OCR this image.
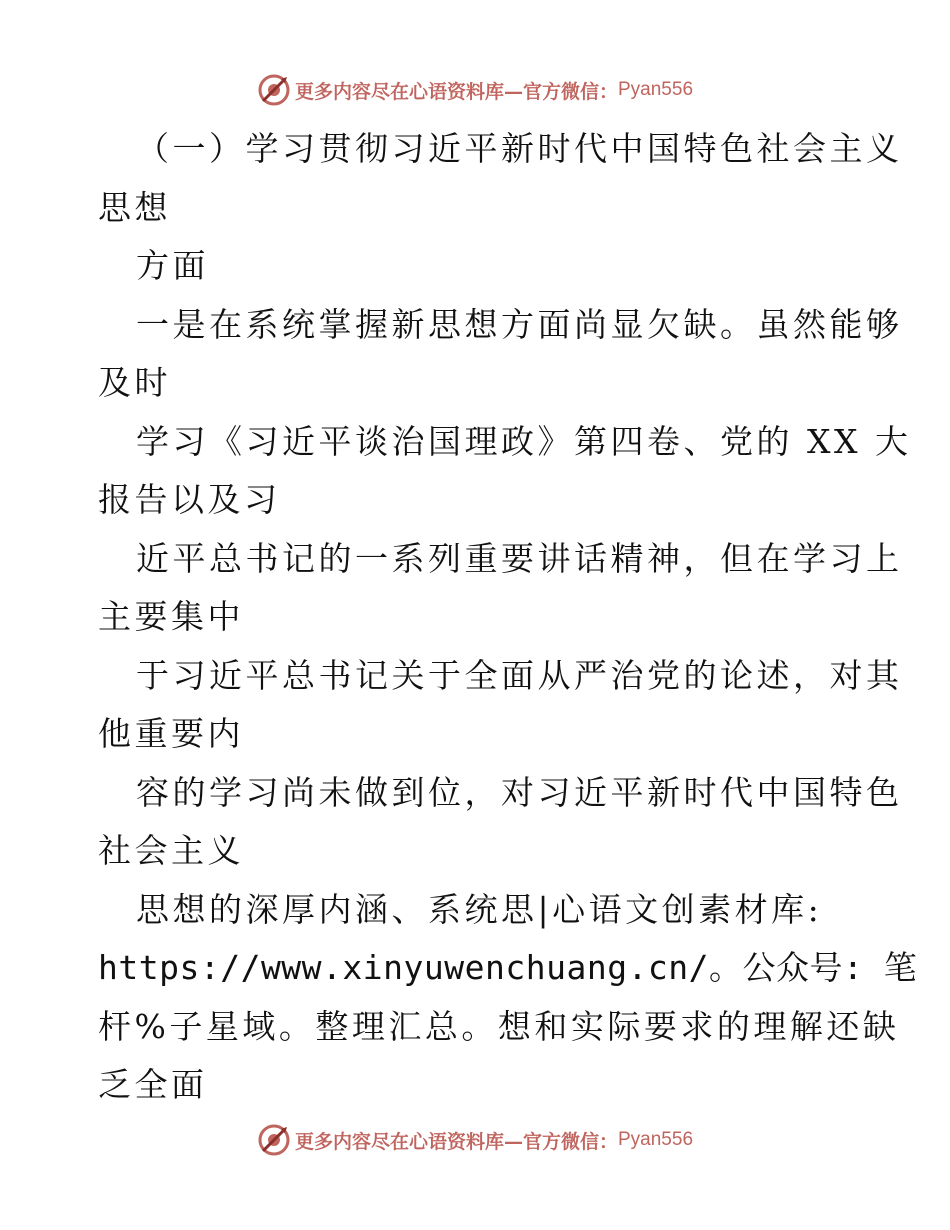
更多内容尽在心语资料库—官方微信： Pyan556
（一）学习贯彻习近平新时代中国特色社会主义
思想
方面
一是在系统掌握新思想方面尚显欠缺。虽然能够
及时
学习《习近平谈治国理政》第四卷、党的 XX 大
报告以及习
近平总书记的一系列重要讲话精神，但在学习上
主要集中
于习近平总书记关于全面从严治党的论述，对其
他重要内
容的学习尚未做到位，对习近平新时代中国特色
社会主义
思想的深厚内涵、系统思|心语文创素材库:
https://www.xinyuwenchuang.cn/。公众号: 笔
杆%子星域。整理汇总。想和实际要求的理解还缺
乏全面
更多内容尽在心语资料库—官方微信： Pyan556
